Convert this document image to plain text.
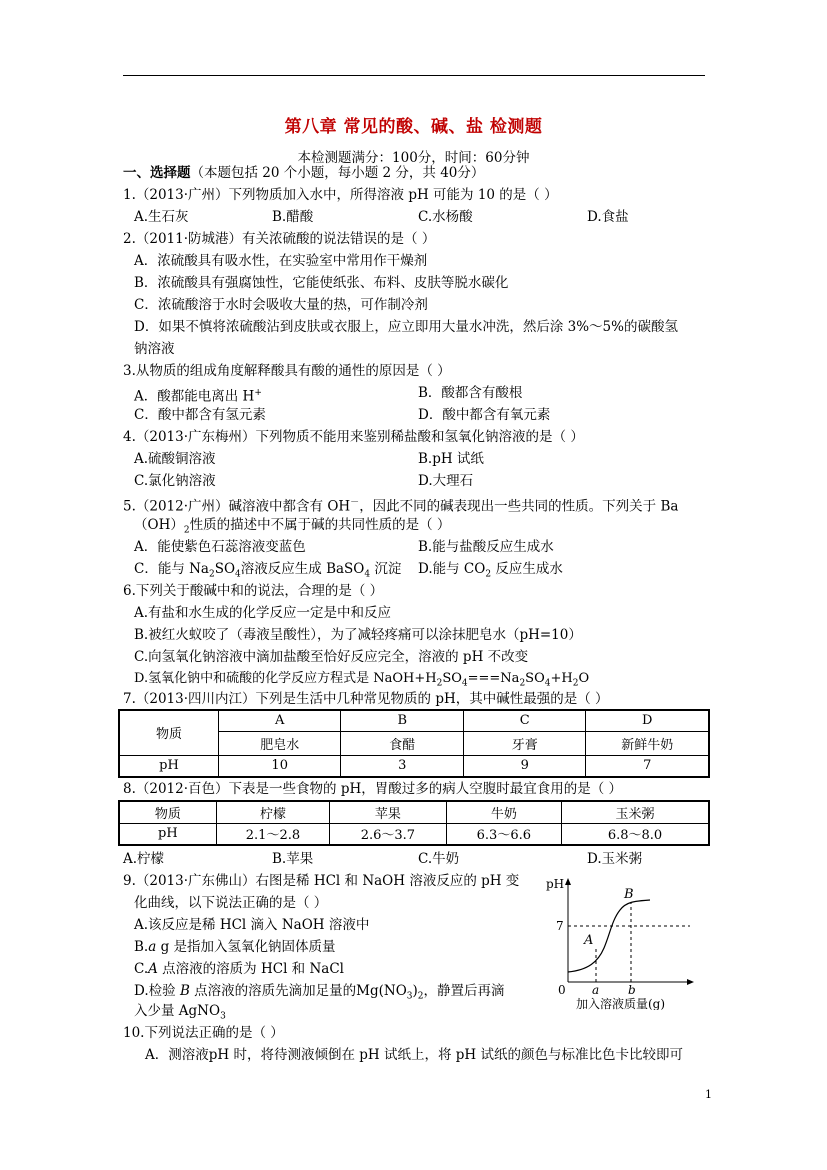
第八章 常见的酸、碱、盐 检测题
本检测题满分：100分，时间：60分钟
一、选择题（本题包括 20 个小题，每小题 2 分，共 40分）
1.（2013·广州）下列物质加入水中，所得溶液 pH 可能为 10 的是（ ）
A.生石灰	B.醋酸	C.水杨酸	D.食盐
2.（2011·防城港）有关浓硫酸的说法错误的是（ ）
A．浓硫酸具有吸水性，在实验室中常用作干燥剂
B．浓硫酸具有强腐蚀性，它能使纸张、布料、皮肤等脱水碳化
C．浓硫酸溶于水时会吸收大量的热，可作制冷剂
D．如果不慎将浓硫酸沾到皮肤或衣服上，应立即用大量水冲洗，然后涂 3%～5%的碳酸氢
钠溶液
3.从物质的组成角度解释酸具有酸的通性的原因是（ ）
A．酸都能电离出 H+	B．酸都含有酸根
C．酸中都含有氢元素	D．酸中都含有氧元素
4.（2013·广东梅州）下列物质不能用来鉴别稀盐酸和氢氧化钠溶液的是（ ）
A.硫酸铜溶液	B.pH 试纸
C.氯化钠溶液	D.大理石
5.（2012·广州）碱溶液中都含有 OH－，因此不同的碱表现出一些共同的性质。下列关于 Ba
$(OH)_2$性质的描述中不属于碱的共同性质的是（ ）
A．能使紫色石蕊溶液变蓝色	B.能与盐酸反应生成水
C．能与 $Na_2SO_4$溶液反应生成 BaSO$_4$ 沉淀 D.能与 $CO_2$ 反应生成水
6.下列关于酸碱中和的说法，合理的是（ ）
A.有盐和水生成的化学反应一定是中和反应
B.被红火蚁咬了（毒液呈酸性），为了减轻疼痛可以涂抹肥皂水（pH=10）
C.向氢氧化钠溶液中滴加盐酸至恰好反应完全，溶液的 pH 不改变
D.氢氧化钠中和硫酸的化学反应方程式是 $NaOH+H_2SO_4===Na_2SO_4+H_2O$
7.（2013·四川内江）下列是生活中几种常见物质的 pH，其中碱性最强的是（ ）
物质	A	B	C	D
	肥皂水	食醋	牙膏	新鲜牛奶
pH	10	3	9	7
8.（2012·百色）下表是一些食物的 pH，胃酸过多的病人空腹时最宜食用的是（ ）
物质	柠檬	苹果	牛奶	玉米粥
pH	2.1～2.8	2.6～3.7	6.3～6.6	6.8～8.0
A.柠檬	B.苹果	C.牛奶	D.玉米粥
9.（2013·广东佛山）右图是稀 HCl 和 NaOH 溶液反应的 pH 变
化曲线，以下说法正确的是（ ）
A.该反应是稀 HCl 滴入 NaOH 溶液中
B.a g 是指加入氢氧化钠固体质量
C.A 点溶液的溶质为 HCl 和 NaCl
D.检验 B 点溶液的溶质先滴加足量的$Mg(NO_3)_2$，静置后再滴
入少量 AgNO$_3$
pH
7
0 a b
A
B
加入溶液质量(g)
10.下列说法正确的是（ ）
A．测溶液pH 时，将待测液倾倒在 pH 试纸上，将 pH 试纸的颜色与标准比色卡比较即可
1
